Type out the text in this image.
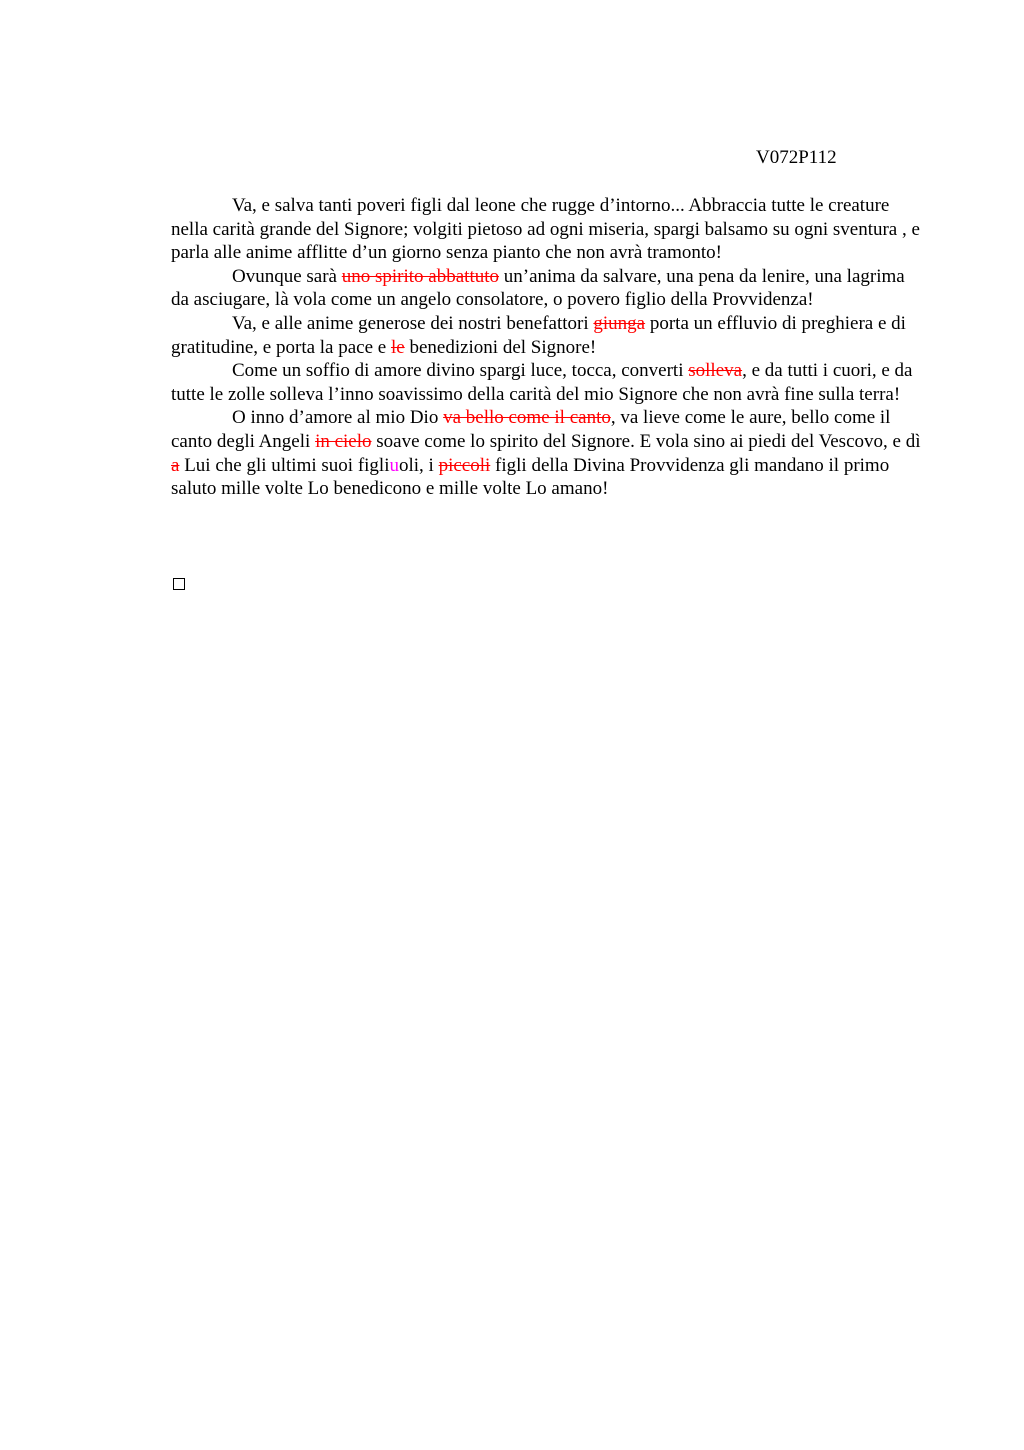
V072P112

Va, e salva tanti poveri figli dal leone che rugge d’intorno... Abbraccia tutte le creature nella carità grande del Signore; volgiti pietoso ad ogni miseria, spargi balsamo su ogni sventura , e parla alle anime afflitte d’un giorno senza pianto che non avrà tramonto!

Ovunque sarà uno spirito abbattuto un’anima da salvare, una pena da lenire, una lagrima da asciugare, là vola come un angelo consolatore, o povero figlio della Provvidenza!

Va, e alle anime generose dei nostri benefattori giunga porta un effluvio di preghiera e di gratitudine, e porta la pace e le benedizioni del Signore!

Come un soffio di amore divino spargi luce, tocca, converti solleva, e da tutti i cuori, e da tutte le zolle solleva l’inno soavissimo della carità del mio Signore che non avrà fine sulla terra!

O inno d’amore al mio Dio va bello come il canto, va lieve come le aure, bello come il canto degli Angeli in cielo soave come lo spirito del Signore. E vola sino ai piedi del Vescovo, e dì a Lui che gli ultimi suoi figliuoli, i piccoli figli della Divina Provvidenza gli mandano il primo saluto mille volte Lo benedicono e mille volte Lo amano!
